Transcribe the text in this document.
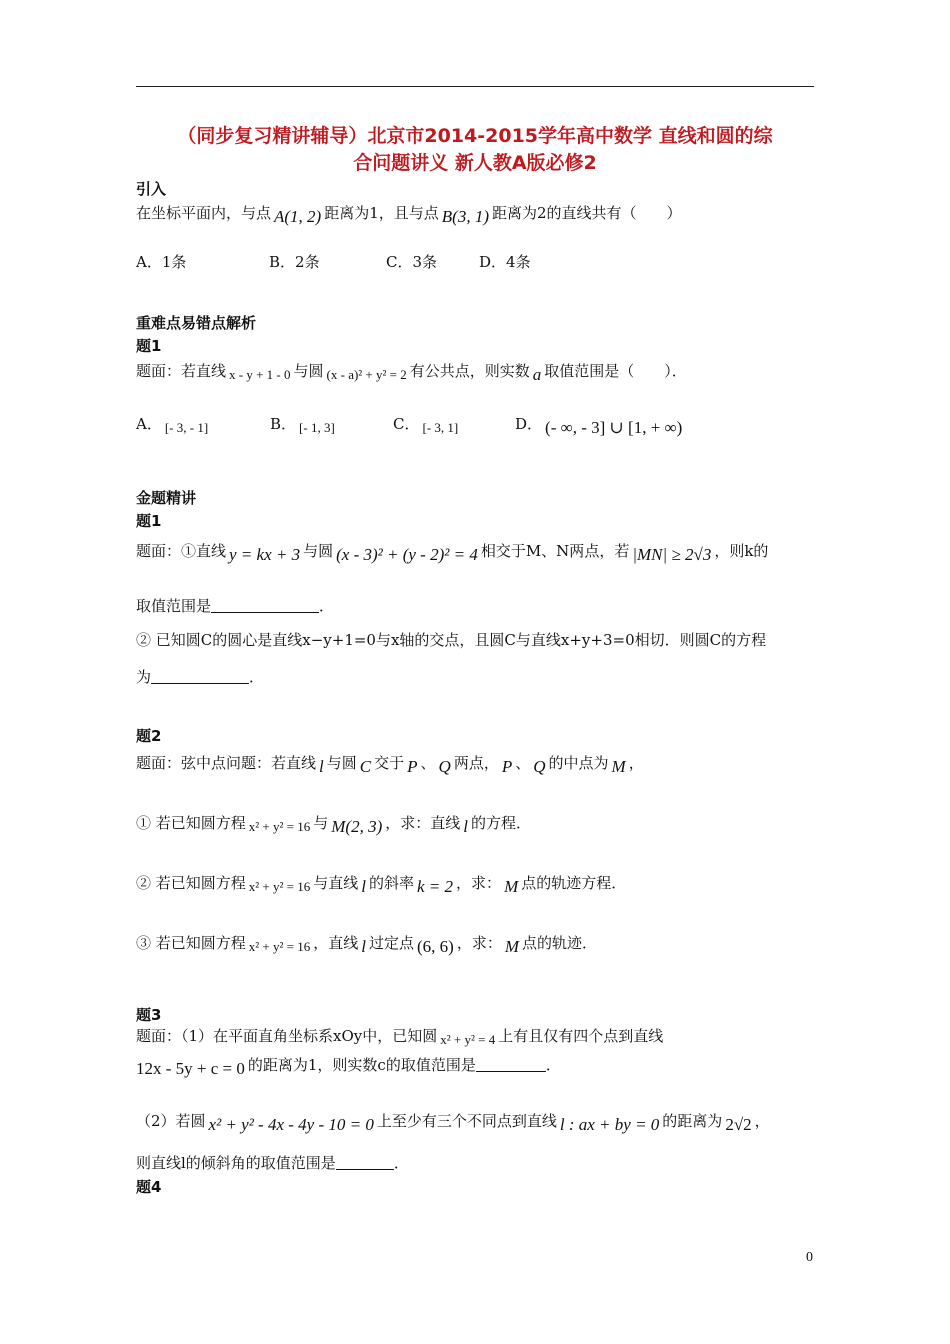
（同步复习精讲辅导）北京市2014-2015学年高中数学 直线和圆的综
合问题讲义 新人教A版必修2
引入
在坐标平面内，与点 A(1, 2) 距离为1，且与点 B(3, 1) 距离为2的直线共有（　　）
A．1条	B．2条	C．3条	D．4条
重难点易错点解析
题1
题面：若直线 x - y + 1 - 0 与圆 (x - a)² + y² = 2 有公共点，则实数 a 取值范围是（　　）．
A． [- 3, - 1]	B． [- 1, 3]	C． [- 3, 1]	D． (- ∞, - 3] ∪ [1, + ∞)
金题精讲
题1
题面：①直线 y = kx + 3 与圆 (x - 3)² + (y - 2)² = 4 相交于M、N两点，若 |MN| ≥ 2√3 ，则k的
取值范围是	．
② 已知圆C的圆心是直线x−y+1=0与x轴的交点，且圆C与直线x+y+3=0相切．则圆C的方程
为	．
题2
题面：弦中点问题：若直线 l 与圆 C 交于 P 、 Q 两点， P 、 Q 的中点为 M ，
① 若已知圆方程 x² + y² = 16 与 M(2, 3) ，求：直线 l 的方程．
② 若已知圆方程 x² + y² = 16 与直线 l 的斜率 k = 2 ，求： M 点的轨迹方程．
③ 若已知圆方程 x² + y² = 16 ，直线 l 过定点 (6, 6) ，求： M 点的轨迹．
题3
题面：（1）在平面直角坐标系xOy中，已知圆 x² + y² = 4 上有且仅有四个点到直线
12x - 5y + c = 0 的距离为1，则实数c的取值范围是	．
（2）若圆 x² + y² - 4x - 4y - 10 = 0 上至少有三个不同点到直线 l : ax + by = 0 的距离为 2√2 ，
则直线l的倾斜角的取值范围是	．
题4
0
